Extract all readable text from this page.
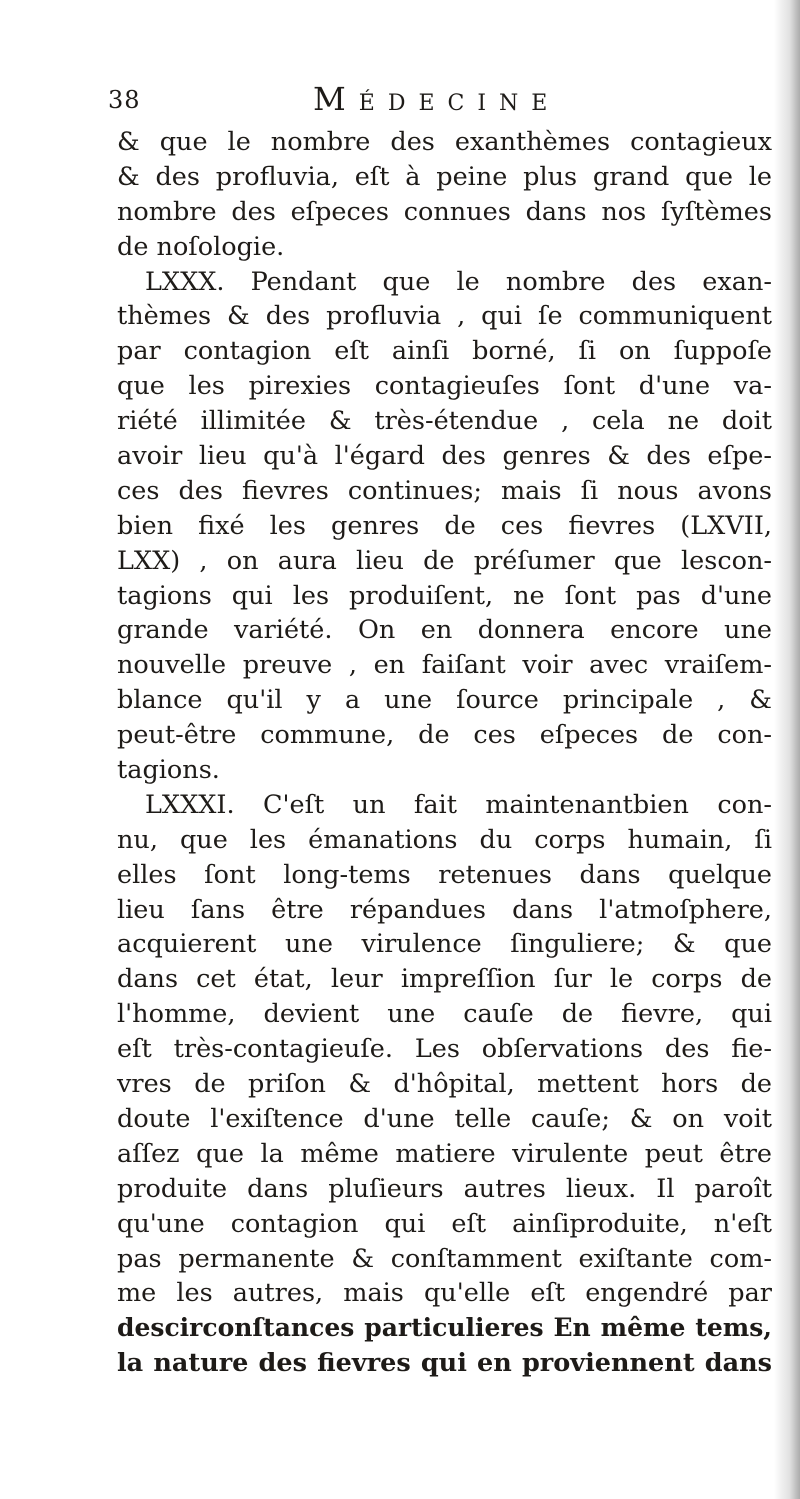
38	Médecine
& que le nombre des exanthèmes contagieux
& des profluvia, eſt à peine plus grand que le
nombre des eſpeces connues dans nos ſyſtèmes
de noſologie.
LXXX. Pendant que le nombre des exan-
thèmes & des profluvia , qui ſe communiquent
par contagion eſt ainſi borné, ſi on ſuppoſe
que les pirexies contagieuſes ſont d'une va-
riété illimitée & très-étendue , cela ne doit
avoir lieu qu'à l'égard des genres & des eſpe-
ces des fievres continues; mais ſi nous avons
bien fixé les genres de ces fievres (LXVII,
LXX) , on aura lieu de préſumer que lescon-
tagions qui les produiſent, ne ſont pas d'une
grande variété. On en donnera encore une
nouvelle preuve , en faiſant voir avec vraiſem-
blance qu'il y a une ſource principale , &
peut-être commune, de ces eſpeces de con-
tagions.
LXXXI. C'eſt un fait maintenantbien con-
nu, que les émanations du corps humain, ſi
elles ſont long-tems retenues dans quelque
lieu ſans être répandues dans l'atmoſphere,
acquierent une virulence ſinguliere; & que
dans cet état, leur impreſſion ſur le corps de
l'homme, devient une cauſe de fievre, qui
eſt très-contagieuſe. Les obſervations des fie-
vres de priſon & d'hôpital, mettent hors de
doute l'exiſtence d'une telle cauſe; & on voit
aſſez que la même matiere virulente peut être
produite dans pluſieurs autres lieux. Il paroît
qu'une contagion qui eſt ainſiproduite, n'eſt
pas permanente & conſtamment exiſtante com-
me les autres, mais qu'elle eſt engendré par
descirconſtances particulieres En même tems,
la nature des fievres qui en proviennent dans
